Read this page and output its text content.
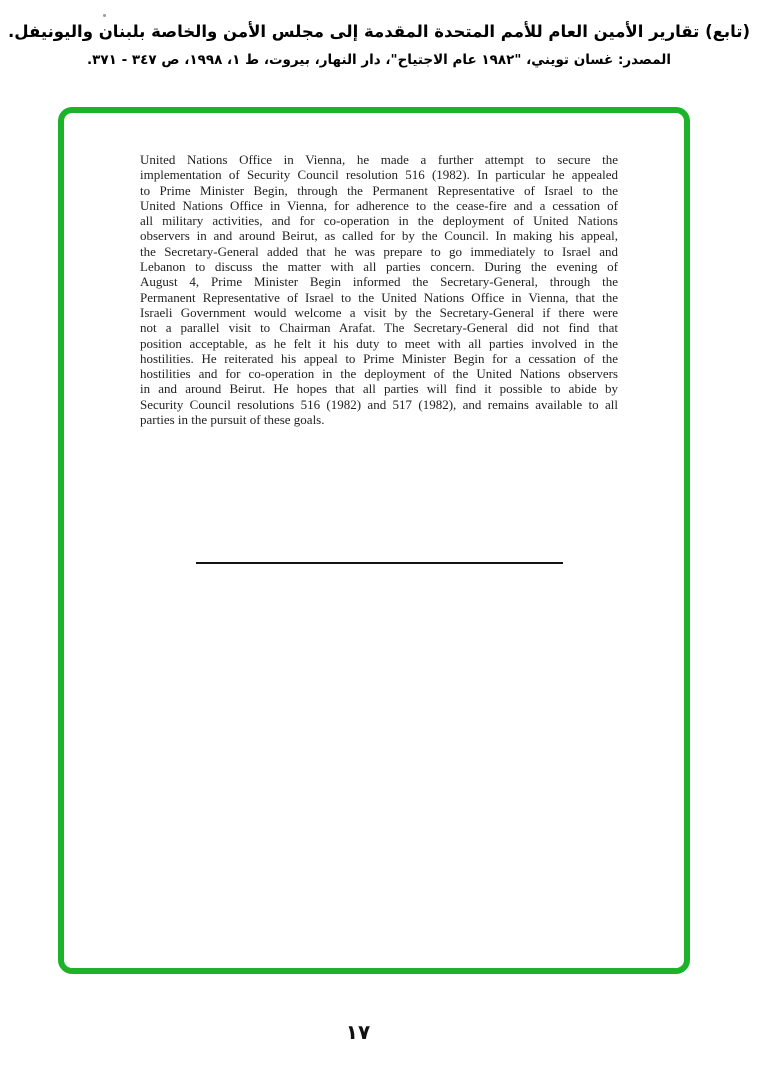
(تابع) تقارير الأمين العام للأمم المتحدة المقدمة إلى مجلس الأمن والخاصة بلبنان واليونيفل.
المصدر: غسان تويني، "١٩٨٢ عام الاجتياح"، دار النهار، بيروت، ط ١، ١٩٩٨، ص ٣٤٧ - ٣٧١.
United Nations Office in Vienna, he made a further attempt to secure the
implementation of Security Council resolution 516 (1982). In particular he appealed
to Prime Minister Begin, through the Permanent Representative of Israel to the
United Nations Office in Vienna, for adherence to the cease-fire and a cessation of
all military activities, and for co-operation in the deployment of United Nations
observers in and around Beirut, as called for by the Council. In making his appeal,
the Secretary-General added that he was prepare to go immediately to Israel and
Lebanon to discuss the matter with all parties concern. During the evening of
August 4, Prime Minister Begin informed the Secretary-General, through the
Permanent Representative of Israel to the United Nations Office in Vienna, that the
Israeli Government would welcome a visit by the Secretary-General if there were
not a parallel visit to Chairman Arafat. The Secretary-General did not find that
position acceptable, as he felt it his duty to meet with all parties involved in the
hostilities. He reiterated his appeal to Prime Minister Begin for a cessation of the
hostilities and for co-operation in the deployment of the United Nations observers
in and around Beirut. He hopes that all parties will find it possible to abide by
Security Council resolutions 516 (1982) and 517 (1982), and remains available to all
parties in the pursuit of these goals.
١٧
